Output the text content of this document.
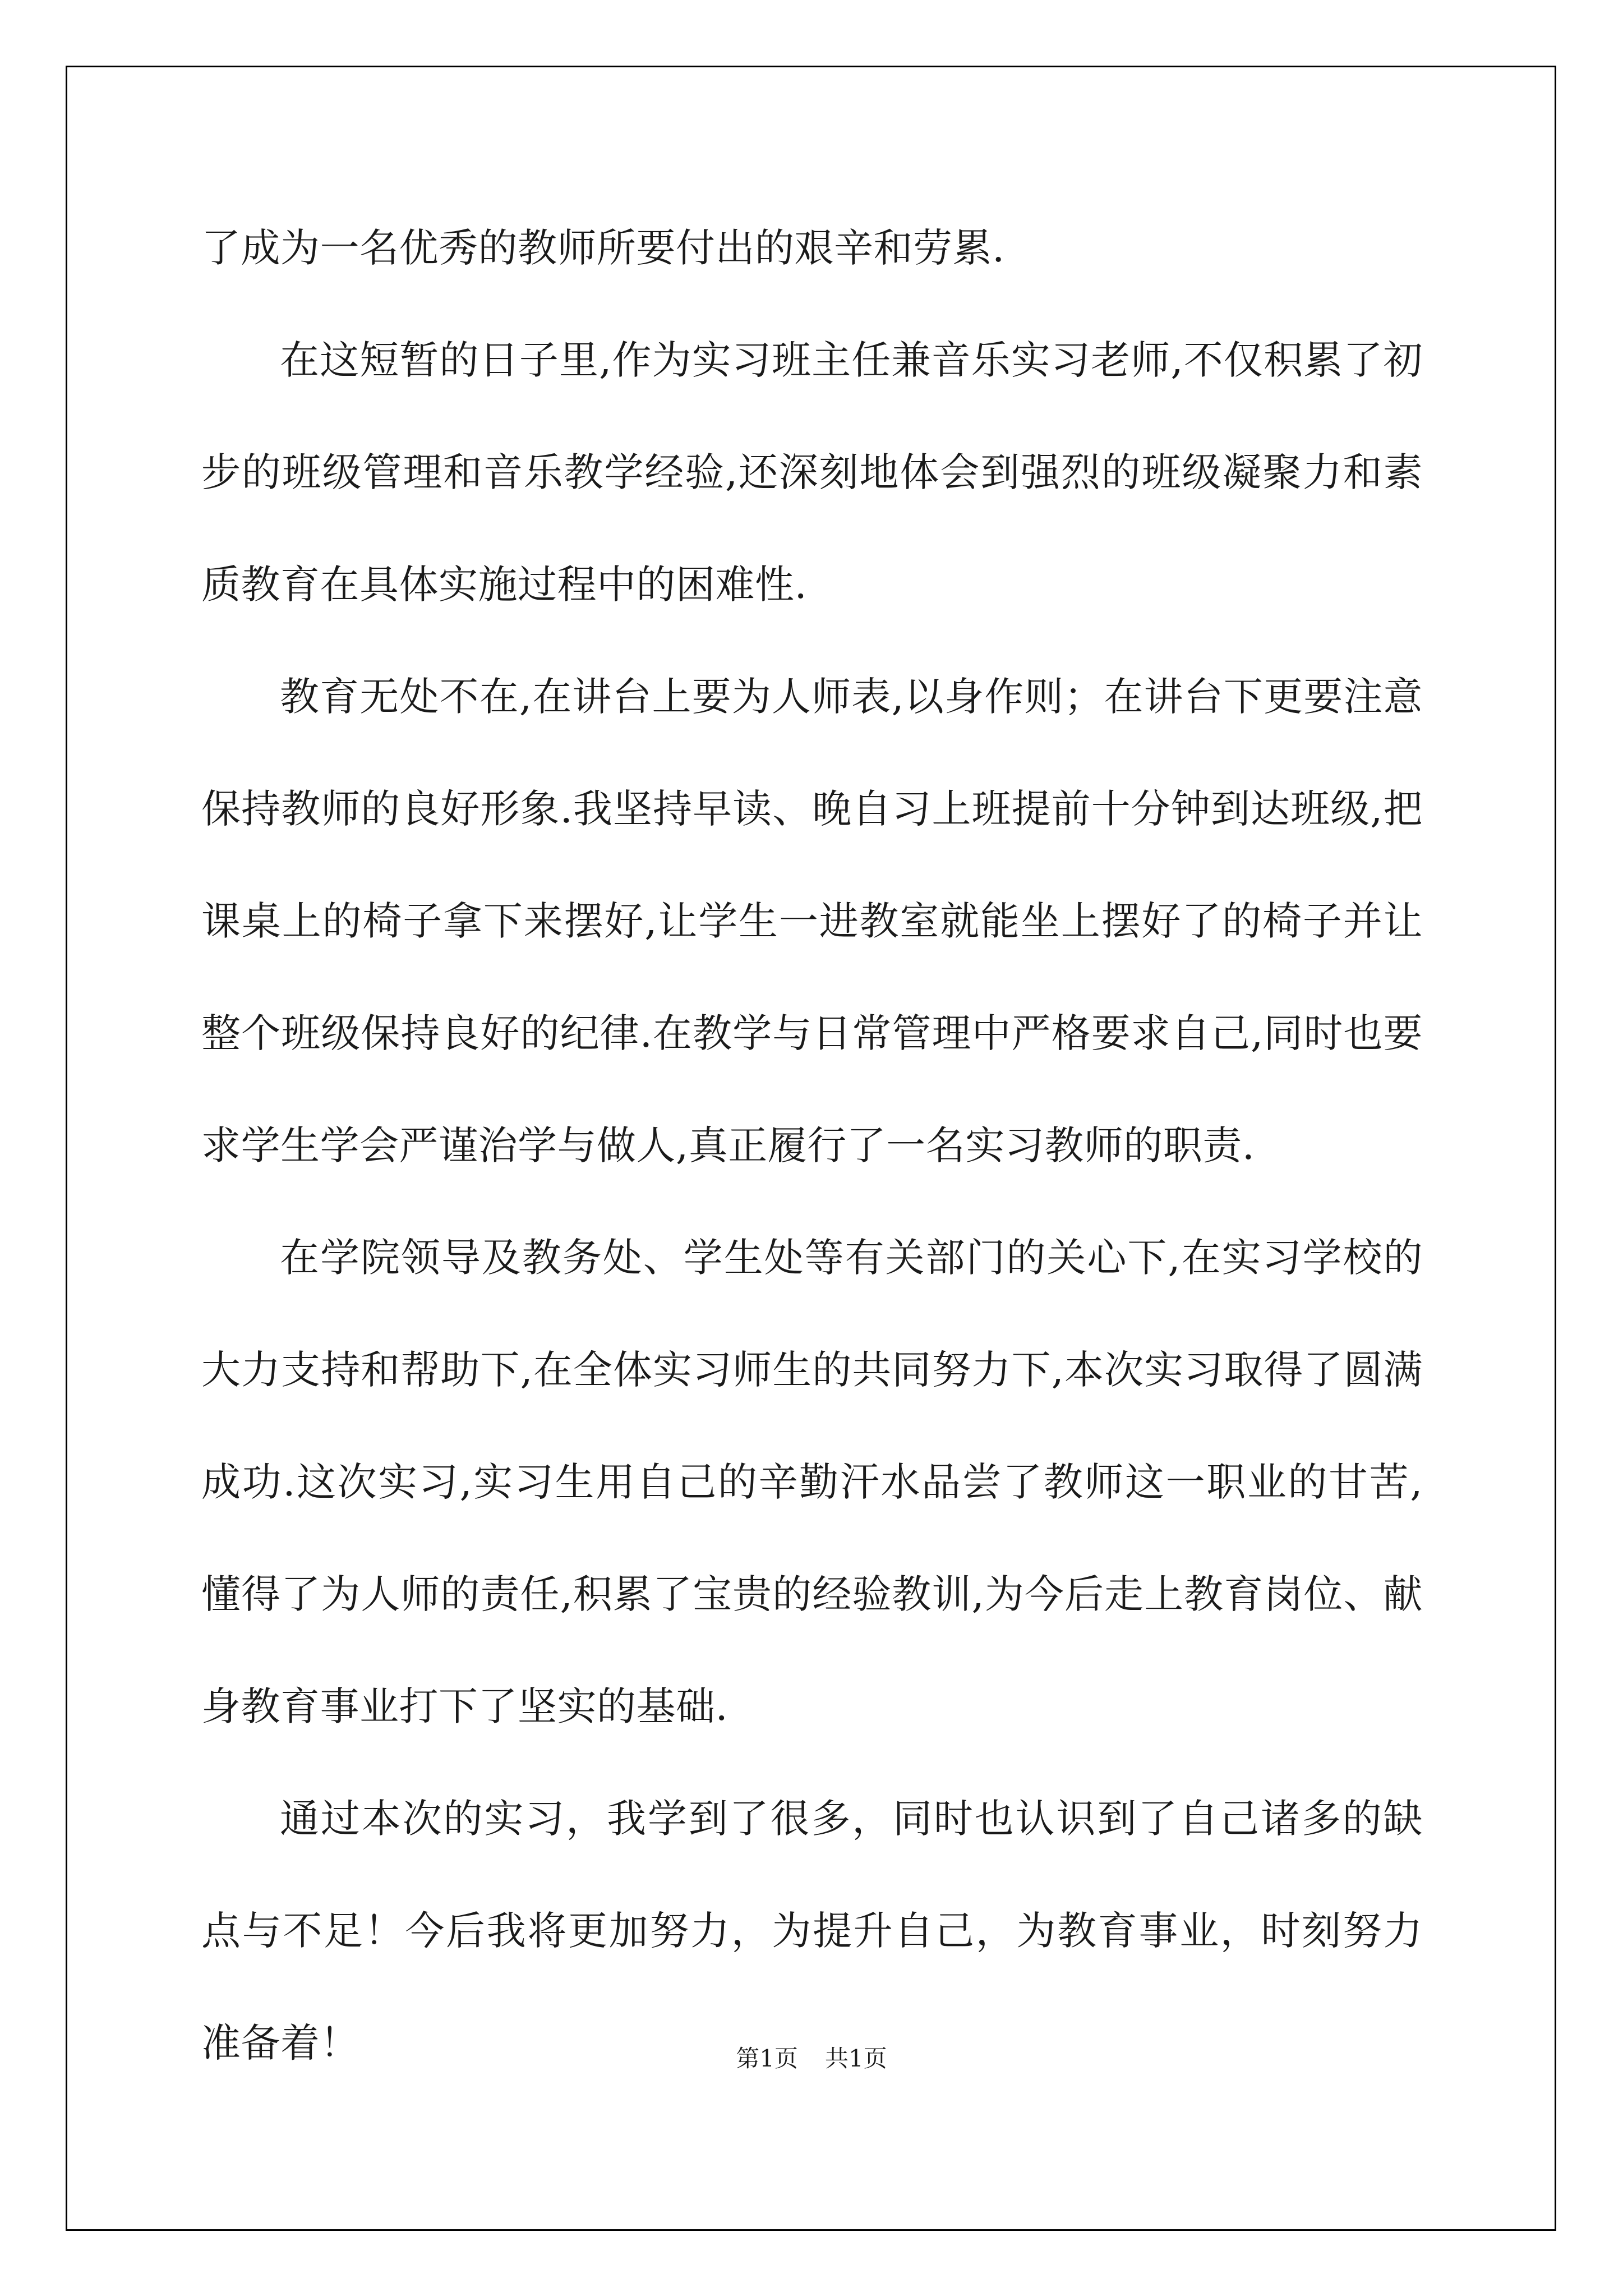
了成为一名优秀的教师所要付出的艰辛和劳累.

在这短暂的日子里,作为实习班主任兼音乐实习老师,不仅积累了初步的班级管理和音乐教学经验,还深刻地体会到强烈的班级凝聚力和素质教育在具体实施过程中的困难性.

教育无处不在,在讲台上要为人师表,以身作则；在讲台下更要注意保持教师的良好形象.我坚持早读、晚自习上班提前十分钟到达班级,把课桌上的椅子拿下来摆好,让学生一进教室就能坐上摆好了的椅子并让整个班级保持良好的纪律.在教学与日常管理中严格要求自己,同时也要求学生学会严谨治学与做人,真正履行了一名实习教师的职责.

在学院领导及教务处、学生处等有关部门的关心下,在实习学校的大力支持和帮助下,在全体实习师生的共同努力下,本次实习取得了圆满成功.这次实习,实习生用自己的辛勤汗水品尝了教师这一职业的甘苦,懂得了为人师的责任,积累了宝贵的经验教训,为今后走上教育岗位、献身教育事业打下了坚实的基础.

通过本次的实习，我学到了很多，同时也认识到了自己诸多的缺点与不足！今后我将更加努力，为提升自己，为教育事业，时刻努力准备着！	第1页 共1页
